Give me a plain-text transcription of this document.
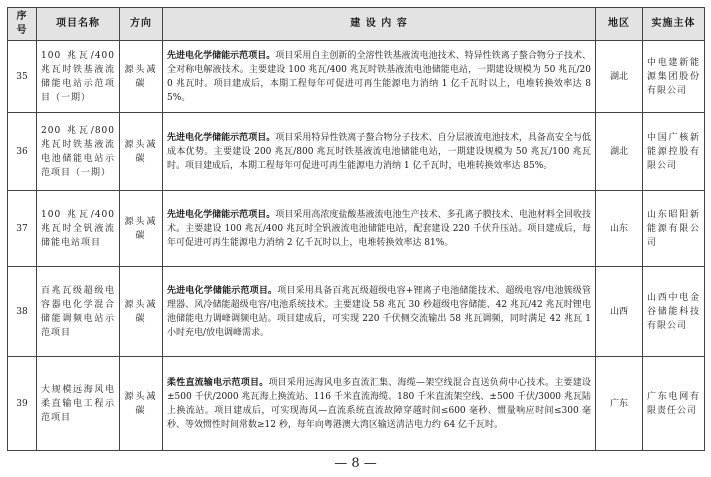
序号	项目名称	方向	建 设 内 容	地区	实施主体
35	100 兆瓦/400 兆瓦时铁基液流储能电站示范项目（一期）	源头减碳	先进电化学储能示范项目。项目采用自主创新的全溶性铁基液流电池技术、特异性铁离子螯合物分子技术、全对称电解液技术。主要建设 100 兆瓦/400 兆瓦时铁基液流电池储能电站，一期建设规模为 50 兆瓦/200 兆瓦时。项目建成后，本期工程每年可促进可再生能源电力消纳 1 亿千瓦时以上，电堆转换效率达 85%。	湖北	中电建新能源集团股份有限公司
36	200 兆瓦/800 兆瓦时铁基液流电池储能电站示范项目（一期）	源头减碳	先进电化学储能示范项目。项目采用特异性铁离子螯合物分子技术、自分层液流电池技术，具备高安全与低成本优势。主要建设 200 兆瓦/800 兆瓦时铁基液流电池储能电站，一期建设规模为 50 兆瓦/100 兆瓦时。项目建成后，本期工程每年可促进可再生能源电力消纳 1 亿千瓦时，电堆转换效率达 85%。	湖北	中国广核新能源控股有限公司
37	100 兆瓦/400 兆瓦时全钒液流储能电站项目	源头减碳	先进电化学储能示范项目。项目采用高浓度盐酸基液流电池生产技术、多孔离子膜技术、电池材料全回收技术。主要建设 100 兆瓦/400 兆瓦时全钒液流电池储能电站，配套建设 220 千伏升压站。项目建成后，每年可促进可再生能源电力消纳 2 亿千瓦时以上，电堆转换效率达 81%。	山东	山东昭阳新能源有限公司
38	百兆瓦级超级电容器电化学混合储能调频电站示范项目	源头减碳	先进电化学储能示范项目。项目采用具备百兆瓦级超级电容+锂离子电池储能技术、超级电容/电池簇级管理器、风冷储能超级电容/电池系统技术。主要建设 58 兆瓦 30 秒超级电容储能、42 兆瓦/42 兆瓦时锂电池储能电力调峰调频电站。项目建成后，可实现 220 千伏侧交流输出 58 兆瓦调频，同时满足 42 兆瓦 1 小时充电/放电调峰需求。	山西	山西中电金谷储能科技有限公司
39	大规模远海风电柔直输电工程示范项目	源头减碳	柔性直流输电示范项目。项目采用远海风电多直流汇集、海缆—架空线混合直送负荷中心技术。主要建设±500 千伏/2000 兆瓦海上换流站、116 千米直流海缆、180 千米直流架空线、±500 千伏/3000 兆瓦陆上换流站。项目建成后，可实现海风—直流系统直流故障穿越时间≤600 毫秒、惯量响应时间≤300 毫秒、等效惯性时间常数≥12 秒，每年向粤港澳大湾区输送清洁电力约 64 亿千瓦时。	广东	广东电网有限责任公司
— 8 —
